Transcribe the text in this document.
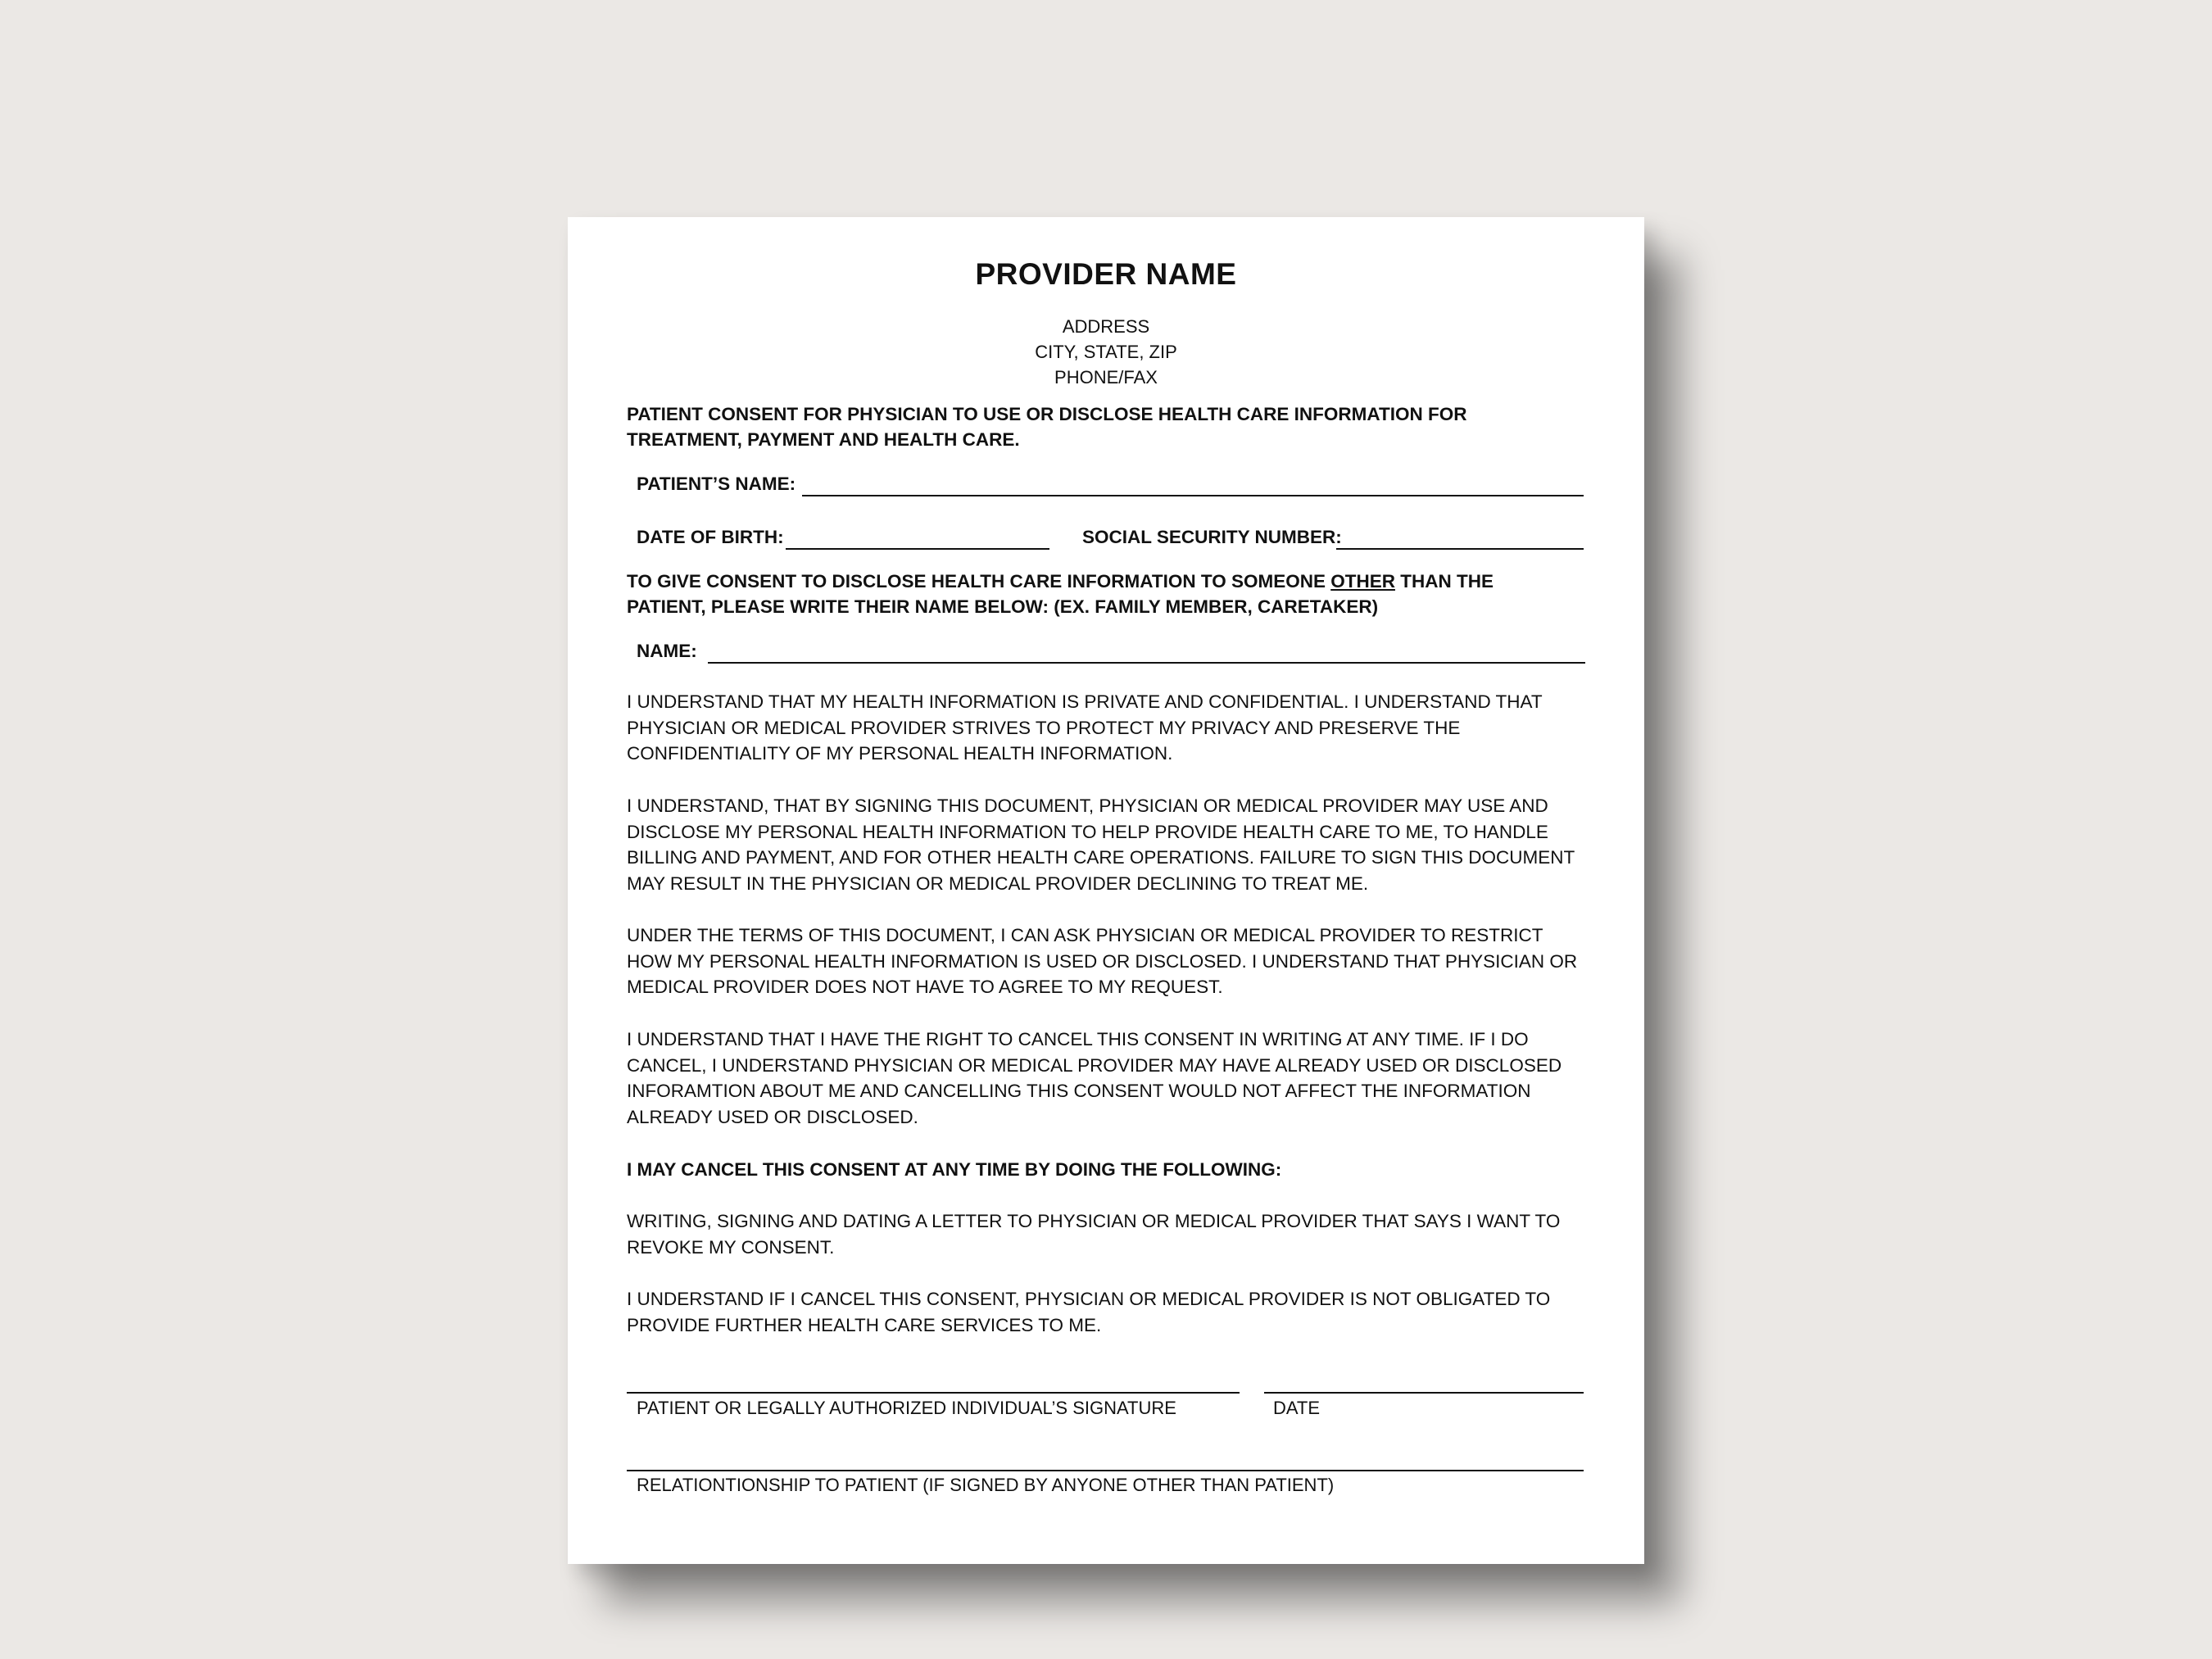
PROVIDER NAME
ADDRESS
CITY, STATE, ZIP
PHONE/FAX
PATIENT CONSENT FOR PHYSICIAN TO USE OR DISCLOSE HEALTH CARE INFORMATION FOR TREATMENT, PAYMENT AND HEALTH CARE.
PATIENT’S NAME:
DATE OF BIRTH:	SOCIAL SECURITY NUMBER:
TO GIVE CONSENT TO DISCLOSE HEALTH CARE INFORMATION TO SOMEONE OTHER THAN THE PATIENT, PLEASE WRITE THEIR NAME BELOW: (EX. FAMILY MEMBER, CARETAKER)
NAME:
I UNDERSTAND THAT MY HEALTH INFORMATION IS PRIVATE AND CONFIDENTIAL. I UNDERSTAND THAT PHYSICIAN OR MEDICAL PROVIDER STRIVES TO PROTECT MY PRIVACY AND PRESERVE THE CONFIDENTIALITY OF MY PERSONAL HEALTH INFORMATION.
I UNDERSTAND, THAT BY SIGNING THIS DOCUMENT, PHYSICIAN OR MEDICAL PROVIDER MAY USE AND DISCLOSE MY PERSONAL HEALTH INFORMATION TO HELP PROVIDE HEALTH CARE TO ME, TO HANDLE BILLING AND PAYMENT, AND FOR OTHER HEALTH CARE OPERATIONS. FAILURE TO SIGN THIS DOCUMENT MAY RESULT IN THE PHYSICIAN OR MEDICAL PROVIDER DECLINING TO TREAT ME.
UNDER THE TERMS OF THIS DOCUMENT, I CAN ASK PHYSICIAN OR MEDICAL PROVIDER TO RESTRICT HOW MY PERSONAL HEALTH INFORMATION IS USED OR DISCLOSED. I UNDERSTAND THAT PHYSICIAN OR MEDICAL PROVIDER DOES NOT HAVE TO AGREE TO MY REQUEST.
I UNDERSTAND THAT I HAVE THE RIGHT TO CANCEL THIS CONSENT IN WRITING AT ANY TIME. IF I DO CANCEL, I UNDERSTAND PHYSICIAN OR MEDICAL PROVIDER MAY HAVE ALREADY USED OR DISCLOSED INFORAMTION ABOUT ME AND CANCELLING THIS CONSENT WOULD NOT AFFECT THE INFORMATION ALREADY USED OR DISCLOSED.
I MAY CANCEL THIS CONSENT AT ANY TIME BY DOING THE FOLLOWING:
WRITING, SIGNING AND DATING A LETTER TO PHYSICIAN OR MEDICAL PROVIDER THAT SAYS I WANT TO REVOKE MY CONSENT.
I UNDERSTAND IF I CANCEL THIS CONSENT, PHYSICIAN OR MEDICAL PROVIDER IS NOT OBLIGATED TO PROVIDE FURTHER HEALTH CARE SERVICES TO ME.
PATIENT OR LEGALLY AUTHORIZED INDIVIDUAL’S SIGNATURE	DATE
RELATIONTIONSHIP TO PATIENT (IF SIGNED BY ANYONE OTHER THAN PATIENT)
